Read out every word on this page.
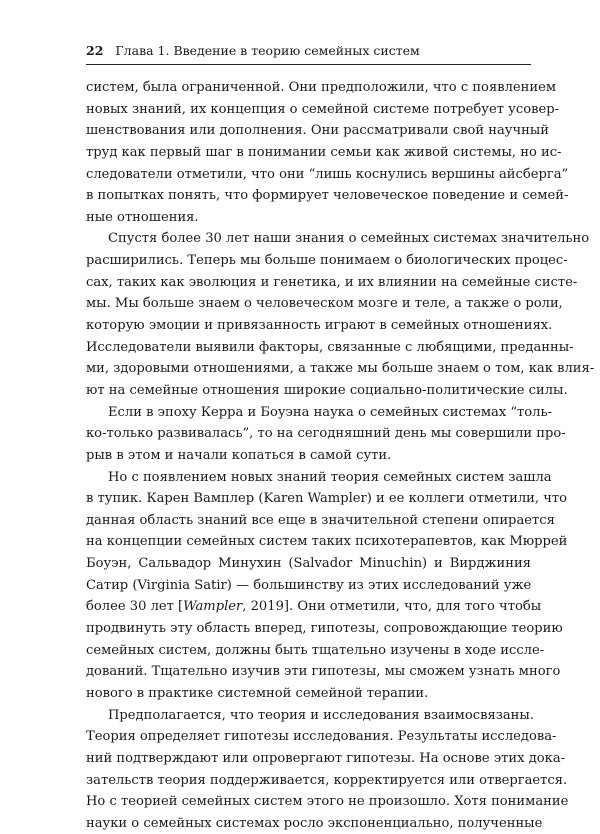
22 Глава 1. Введение в теорию семейных систем
систем, была ограниченной. Они предположили, что с появлением
новых знаний, их концепция о семейной системе потребует усовер-
шенствования или дополнения. Они рассматривали свой научный
труд как первый шаг в понимании семьи как живой системы, но ис-
следователи отметили, что они “лишь коснулись вершины айсберга”
в попытках понять, что формирует человеческое поведение и семей-
ные отношения.
Спустя более 30 лет наши знания о семейных системах значительно
расширились. Теперь мы больше понимаем о биологических процес-
сах, таких как эволюция и генетика, и их влиянии на семейные систе-
мы. Мы больше знаем о человеческом мозге и теле, а также о роли,
которую эмоции и привязанность играют в семейных отношениях.
Исследователи выявили факторы, связанные с любящими, преданны-
ми, здоровыми отношениями, а также мы больше знаем о том, как влия-
ют на семейные отношения широкие социально-политические силы.
Если в эпоху Керра и Боуэна наука о семейных системах “толь-
ко-только развивалась”, то на сегодняшний день мы совершили про-
рыв в этом и начали копаться в самой сути.
Но с появлением новых знаний теория семейных систем зашла
в тупик. Карен Вамплер (Karen Wampler) и ее коллеги отметили, что
данная область знаний все еще в значительной степени опирается
на концепции семейных систем таких психотерапевтов, как Мюррей
Боуэн, Сальвадор Минухин (Salvador Minuchin) и Вирджиния
Сатир (Virginia Satir) — большинству из этих исследований уже
более 30 лет [Wampler, 2019]. Они отметили, что, для того чтобы
продвинуть эту область вперед, гипотезы, сопровождающие теорию
семейных систем, должны быть тщательно изучены в ходе иссле-
дований. Тщательно изучив эти гипотезы, мы сможем узнать много
нового в практике системной семейной терапии.
Предполагается, что теория и исследования взаимосвязаны.
Теория определяет гипотезы исследования. Результаты исследова-
ний подтверждают или опровергают гипотезы. На основе этих дока-
зательств теория поддерживается, корректируется или отвергается.
Но с теорией семейных систем этого не произошло. Хотя понимание
науки о семейных системах росло экспоненциально, полученные
